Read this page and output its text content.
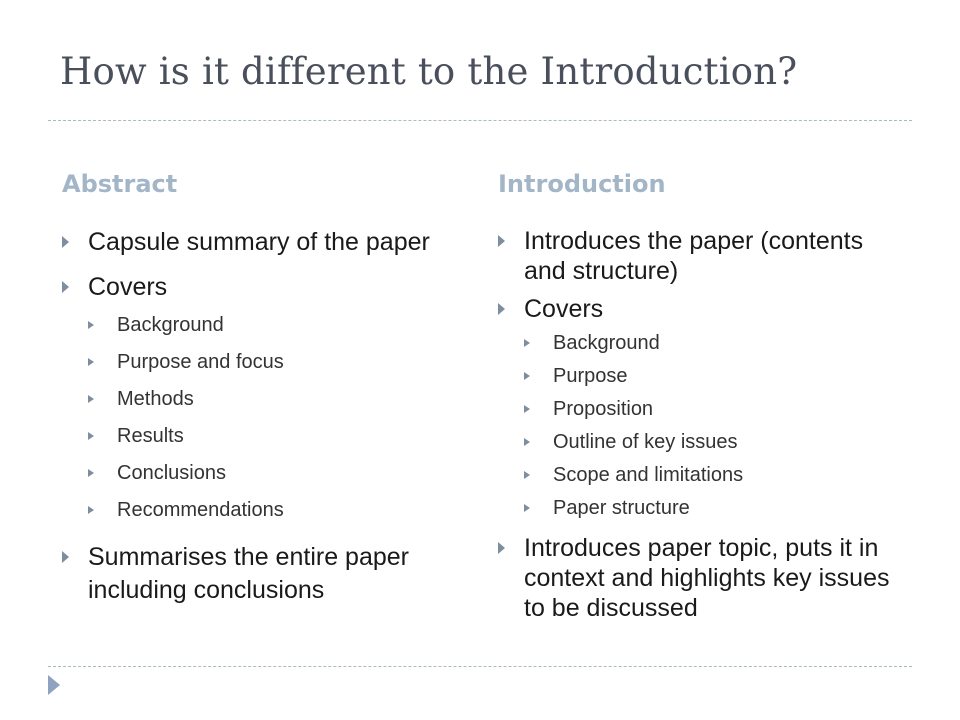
How is it different to the Introduction?
Abstract
Capsule summary of the paper
Covers
Background
Purpose and focus
Methods
Results
Conclusions
Recommendations
Summarises the entire paper including conclusions
Introduction
Introduces the paper (contents and structure)
Covers
Background
Purpose
Proposition
Outline of key issues
Scope and limitations
Paper structure
Introduces paper topic, puts it in context and highlights key issues to be discussed
